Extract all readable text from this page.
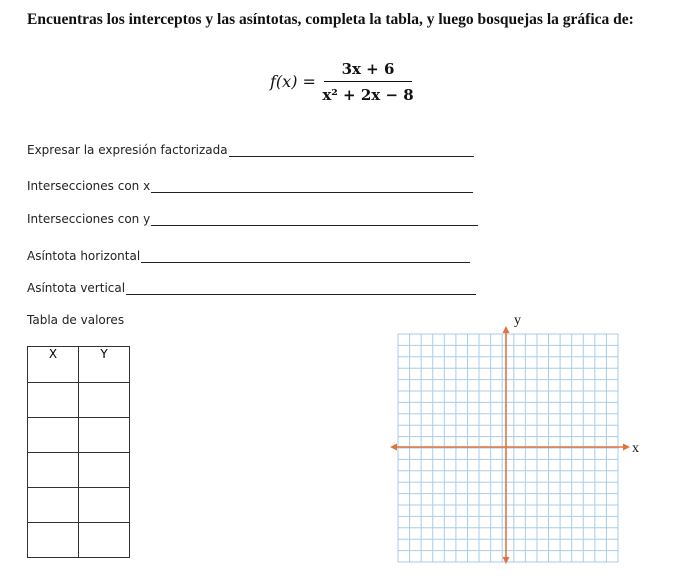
Encuentras los interceptos y las asíntotas, completa la tabla, y luego bosquejas la gráfica de:
f(x) =
3x + 6
x² + 2x − 8
Expresar la expresión factorizada
Intersecciones con x
Intersecciones con y
Asíntota horizontal
Asíntota vertical
Tabla de valores
X	Y

x
y
